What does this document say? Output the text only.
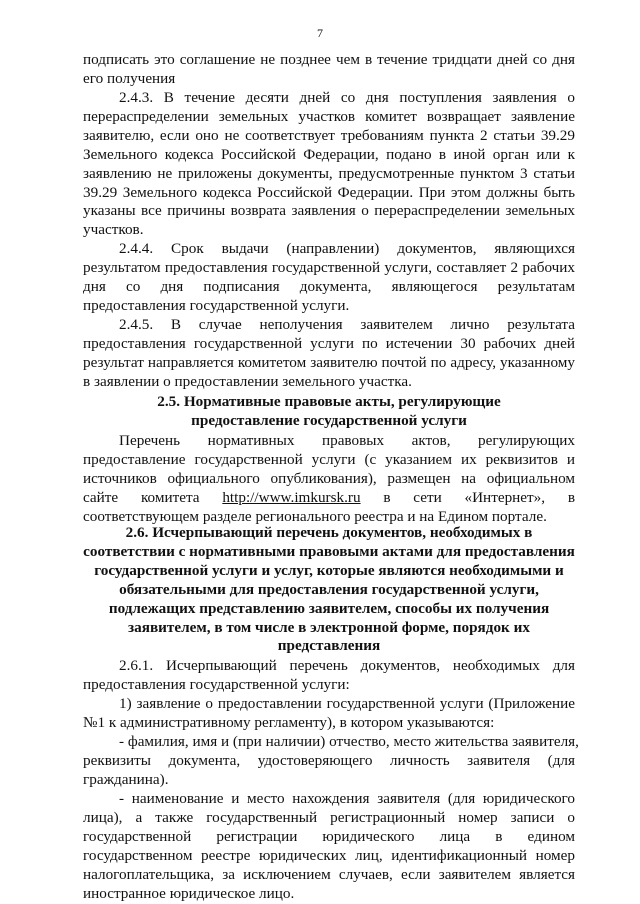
7
подписать это соглашение не позднее чем в течение тридцати дней со дня
его получения
2.4.3. В течение десяти дней со дня поступления заявления о
перераспределении земельных участков комитет возвращает заявление
заявителю, если оно не соответствует требованиям пункта 2 статьи 39.29
Земельного кодекса Российской Федерации, подано в иной орган или к
заявлению не приложены документы, предусмотренные пунктом 3 статьи
39.29 Земельного кодекса Российской Федерации. При этом должны быть
указаны все причины возврата заявления о перераспределении земельных
участков.
2.4.4. Срок выдачи (направлении) документов, являющихся
результатом предоставления государственной услуги, составляет 2 рабочих
дня со дня подписания документа, являющегося результатам
предоставления государственной услуги.
2.4.5. В случае неполучения заявителем лично результата
предоставления государственной услуги по истечении 30 рабочих дней
результат направляется комитетом заявителю почтой по адресу, указанному
в заявлении о предоставлении земельного участка.
2.5. Нормативные правовые акты, регулирующие
предоставление государственной услуги
Перечень нормативных правовых актов, регулирующих
предоставление государственной услуги (с указанием их реквизитов и
источников официального опубликования), размещен на официальном
сайте комитета http://www.imkursk.ru в сети «Интернет», в
соответствующем разделе регионального реестра и на Едином портале.
2.6. Исчерпывающий перечень документов, необходимых в
соответствии с нормативными правовыми актами для предоставления
государственной услуги и услуг, которые являются необходимыми и
обязательными для предоставления государственной услуги,
подлежащих представлению заявителем, способы их получения
заявителем, в том числе в электронной форме, порядок их
представления
2.6.1. Исчерпывающий перечень документов, необходимых для
предоставления государственной услуги:
1) заявление о предоставлении государственной услуги (Приложение
№1 к административному регламенту), в котором указываются:
- фамилия, имя и (при наличии) отчество, место жительства заявителя,
реквизиты документа, удостоверяющего личность заявителя (для
гражданина).
- наименование и место нахождения заявителя (для юридического
лица), а также государственный регистрационный номер записи о
государственной регистрации юридического лица в едином
государственном реестре юридических лиц, идентификационный номер
налогоплательщика, за исключением случаев, если заявителем является
иностранное юридическое лицо.
